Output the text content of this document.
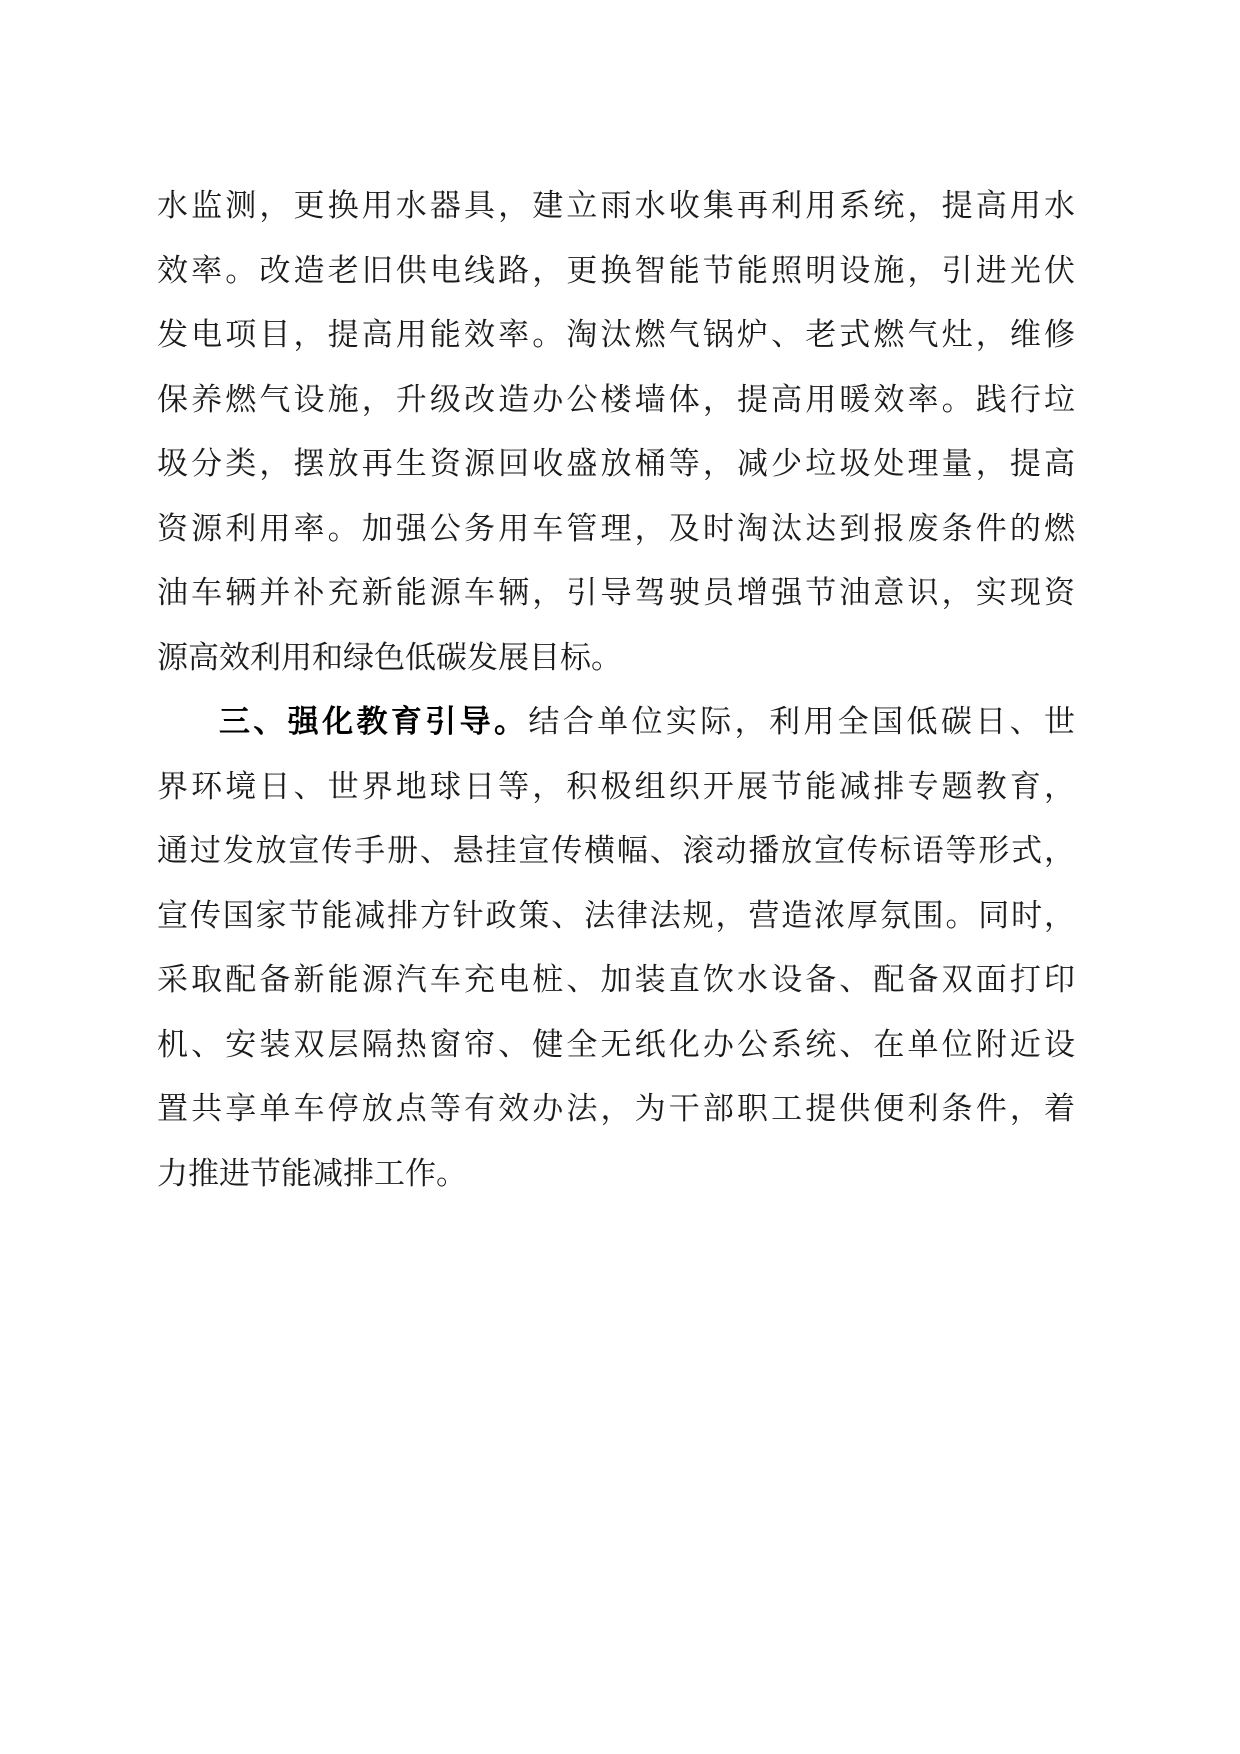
水监测，更换用水器具，建立雨水收集再利用系统，提高用水
效率。改造老旧供电线路，更换智能节能照明设施，引进光伏
发电项目，提高用能效率。淘汰燃气锅炉、老式燃气灶，维修
保养燃气设施，升级改造办公楼墙体，提高用暖效率。践行垃
圾分类，摆放再生资源回收盛放桶等，减少垃圾处理量，提高
资源利用率。加强公务用车管理，及时淘汰达到报废条件的燃
油车辆并补充新能源车辆，引导驾驶员增强节油意识，实现资
源高效利用和绿色低碳发展目标。
三、强化教育引导。结合单位实际，利用全国低碳日、世
界环境日、世界地球日等，积极组织开展节能减排专题教育，
通过发放宣传手册、悬挂宣传横幅、滚动播放宣传标语等形式，
宣传国家节能减排方针政策、法律法规，营造浓厚氛围。同时，
采取配备新能源汽车充电桩、加装直饮水设备、配备双面打印
机、安装双层隔热窗帘、健全无纸化办公系统、在单位附近设
置共享单车停放点等有效办法，为干部职工提供便利条件，着
力推进节能减排工作。
